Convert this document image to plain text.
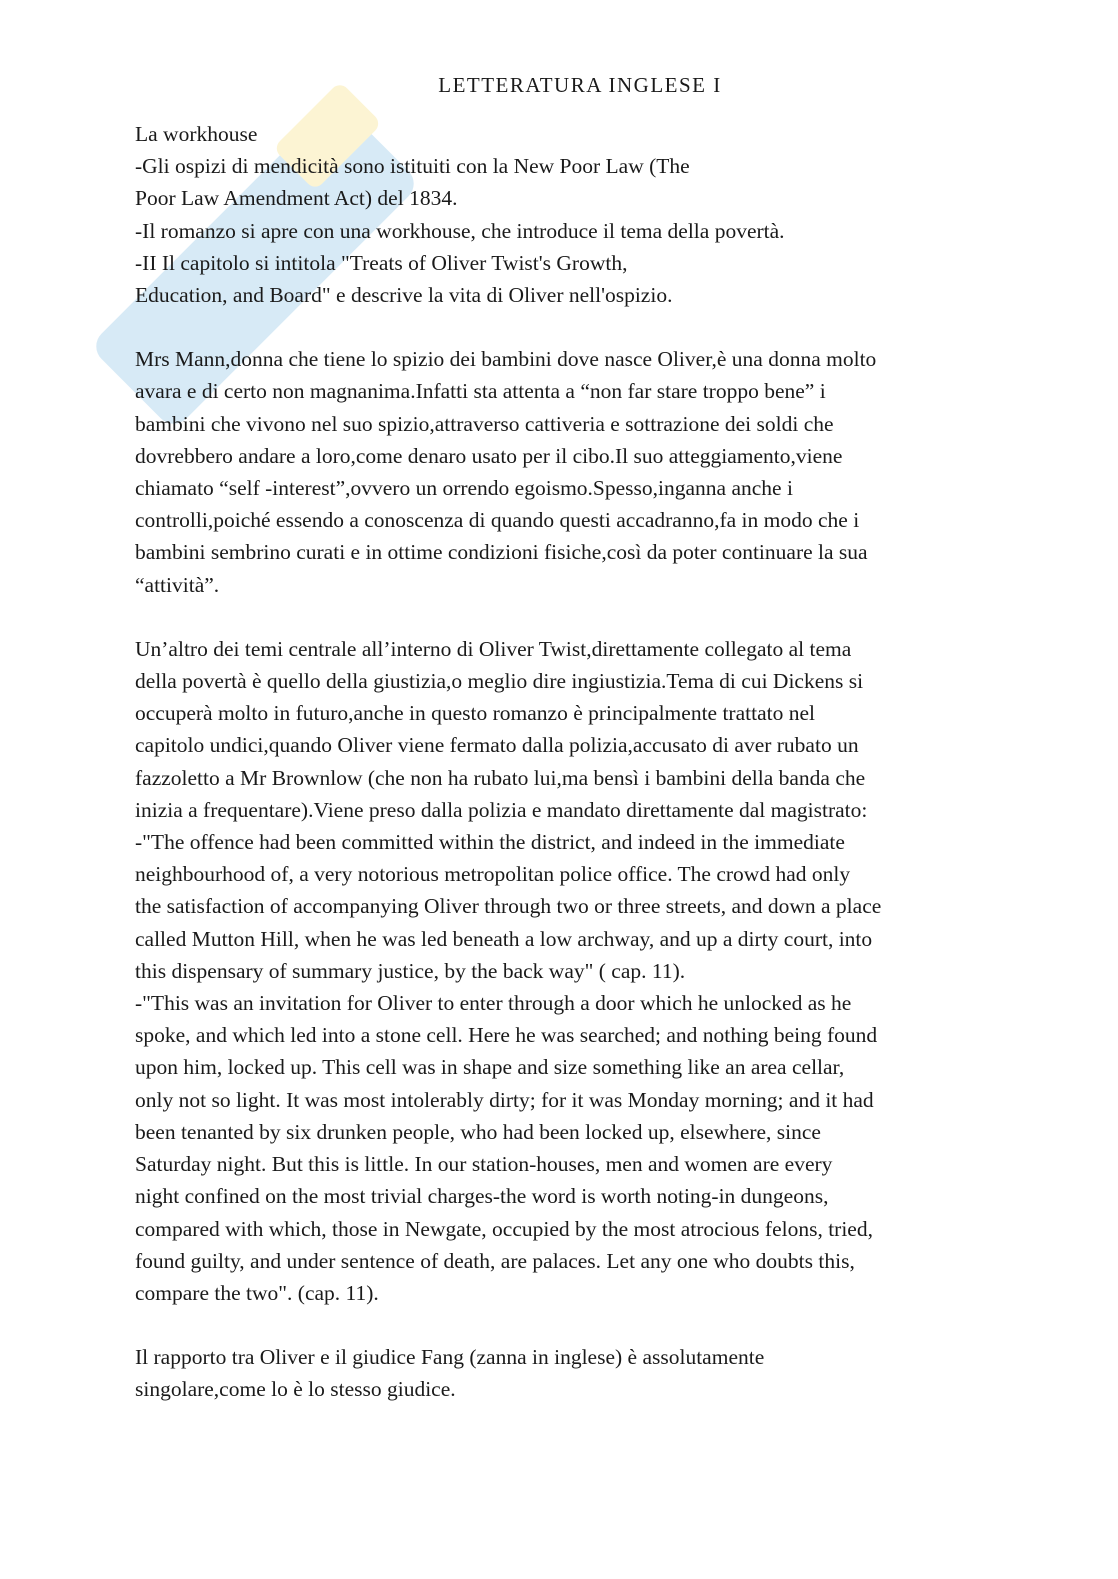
LETTERATURA INGLESE I
La workhouse
-Gli ospizi di mendicità sono istituiti con la New Poor Law (The
Poor Law Amendment Act) del 1834.
-Il romanzo si apre con una workhouse, che introduce il tema della povertà.
-II Il capitolo si intitola "Treats of Oliver Twist's Growth,
Education, and Board" e descrive la vita di Oliver nell'ospizio.
Mrs Mann,donna che tiene lo spizio dei bambini dove nasce Oliver,è una donna molto
avara e di certo non magnanima.Infatti sta attenta a “non far stare troppo bene” i
bambini che vivono nel suo spizio,attraverso cattiveria e sottrazione dei soldi che
dovrebbero andare a loro,come denaro usato per il cibo.Il suo atteggiamento,viene
chiamato “self -interest”,ovvero un orrendo egoismo.Spesso,inganna anche i
controlli,poiché essendo a conoscenza di quando questi accadranno,fa in modo che i
bambini sembrino curati e in ottime condizioni fisiche,così da poter continuare la sua
“attività”.
Un’altro dei temi centrale all’interno di Oliver Twist,direttamente collegato al tema
della povertà è quello della giustizia,o meglio dire ingiustizia.Tema di cui Dickens si
occuperà molto in futuro,anche in questo romanzo è principalmente trattato nel
capitolo undici,quando Oliver viene fermato dalla polizia,accusato di aver rubato un
fazzoletto a Mr Brownlow (che non ha rubato lui,ma bensì i bambini della banda che
inizia a frequentare).Viene preso dalla polizia e mandato direttamente dal magistrato:
-"The offence had been committed within the district, and indeed in the immediate
neighbourhood of, a very notorious metropolitan police office. The crowd had only
the satisfaction of accompanying Oliver through two or three streets, and down a place
called Mutton Hill, when he was led beneath a low archway, and up a dirty court, into
this dispensary of summary justice, by the back way" ( cap. 11).
-"This was an invitation for Oliver to enter through a door which he unlocked as he
spoke, and which led into a stone cell. Here he was searched; and nothing being found
upon him, locked up. This cell was in shape and size something like an area cellar,
only not so light. It was most intolerably dirty; for it was Monday morning; and it had
been tenanted by six drunken people, who had been locked up, elsewhere, since
Saturday night. But this is little. In our station-houses, men and women are every
night confined on the most trivial charges-the word is worth noting-in dungeons,
compared with which, those in Newgate, occupied by the most atrocious felons, tried,
found guilty, and under sentence of death, are palaces. Let any one who doubts this,
compare the two". (cap. 11).
Il rapporto tra Oliver e il giudice Fang (zanna in inglese) è assolutamente
singolare,come lo è lo stesso giudice.
